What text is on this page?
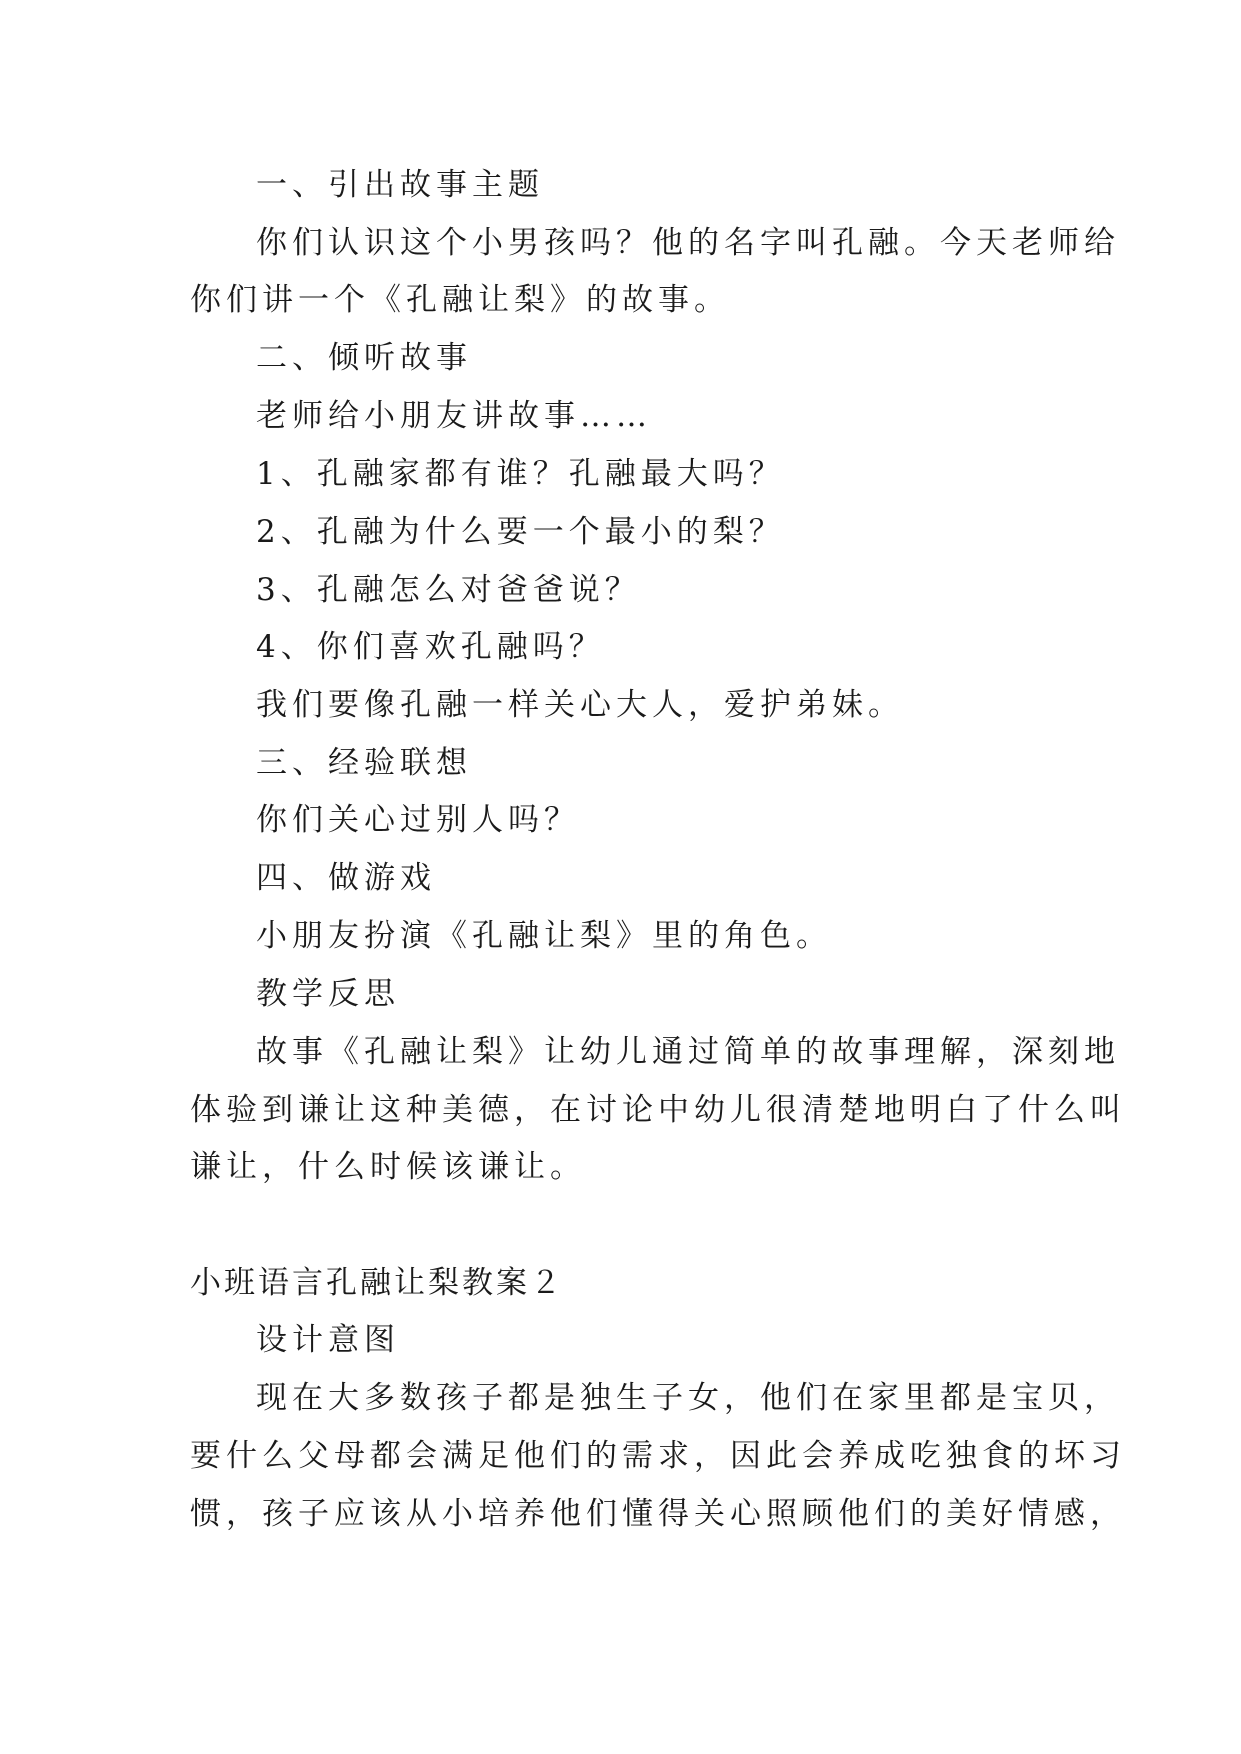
一、引出故事主题
你们认识这个小男孩吗？他的名字叫孔融。今天老师给
你们讲一个《孔融让梨》的故事。
二、倾听故事
老师给小朋友讲故事……
1、孔融家都有谁？孔融最大吗？
2、孔融为什么要一个最小的梨？
3、孔融怎么对爸爸说？
4、你们喜欢孔融吗？
我们要像孔融一样关心大人，爱护弟妹。
三、经验联想
你们关心过别人吗？
四、做游戏
小朋友扮演《孔融让梨》里的角色。
教学反思
故事《孔融让梨》让幼儿通过简单的故事理解，深刻地
体验到谦让这种美德，在讨论中幼儿很清楚地明白了什么叫
谦让，什么时候该谦让。
小班语言孔融让梨教案２
设计意图
现在大多数孩子都是独生子女，他们在家里都是宝贝，
要什么父母都会满足他们的需求，因此会养成吃独食的坏习
惯，孩子应该从小培养他们懂得关心照顾他们的美好情感，
